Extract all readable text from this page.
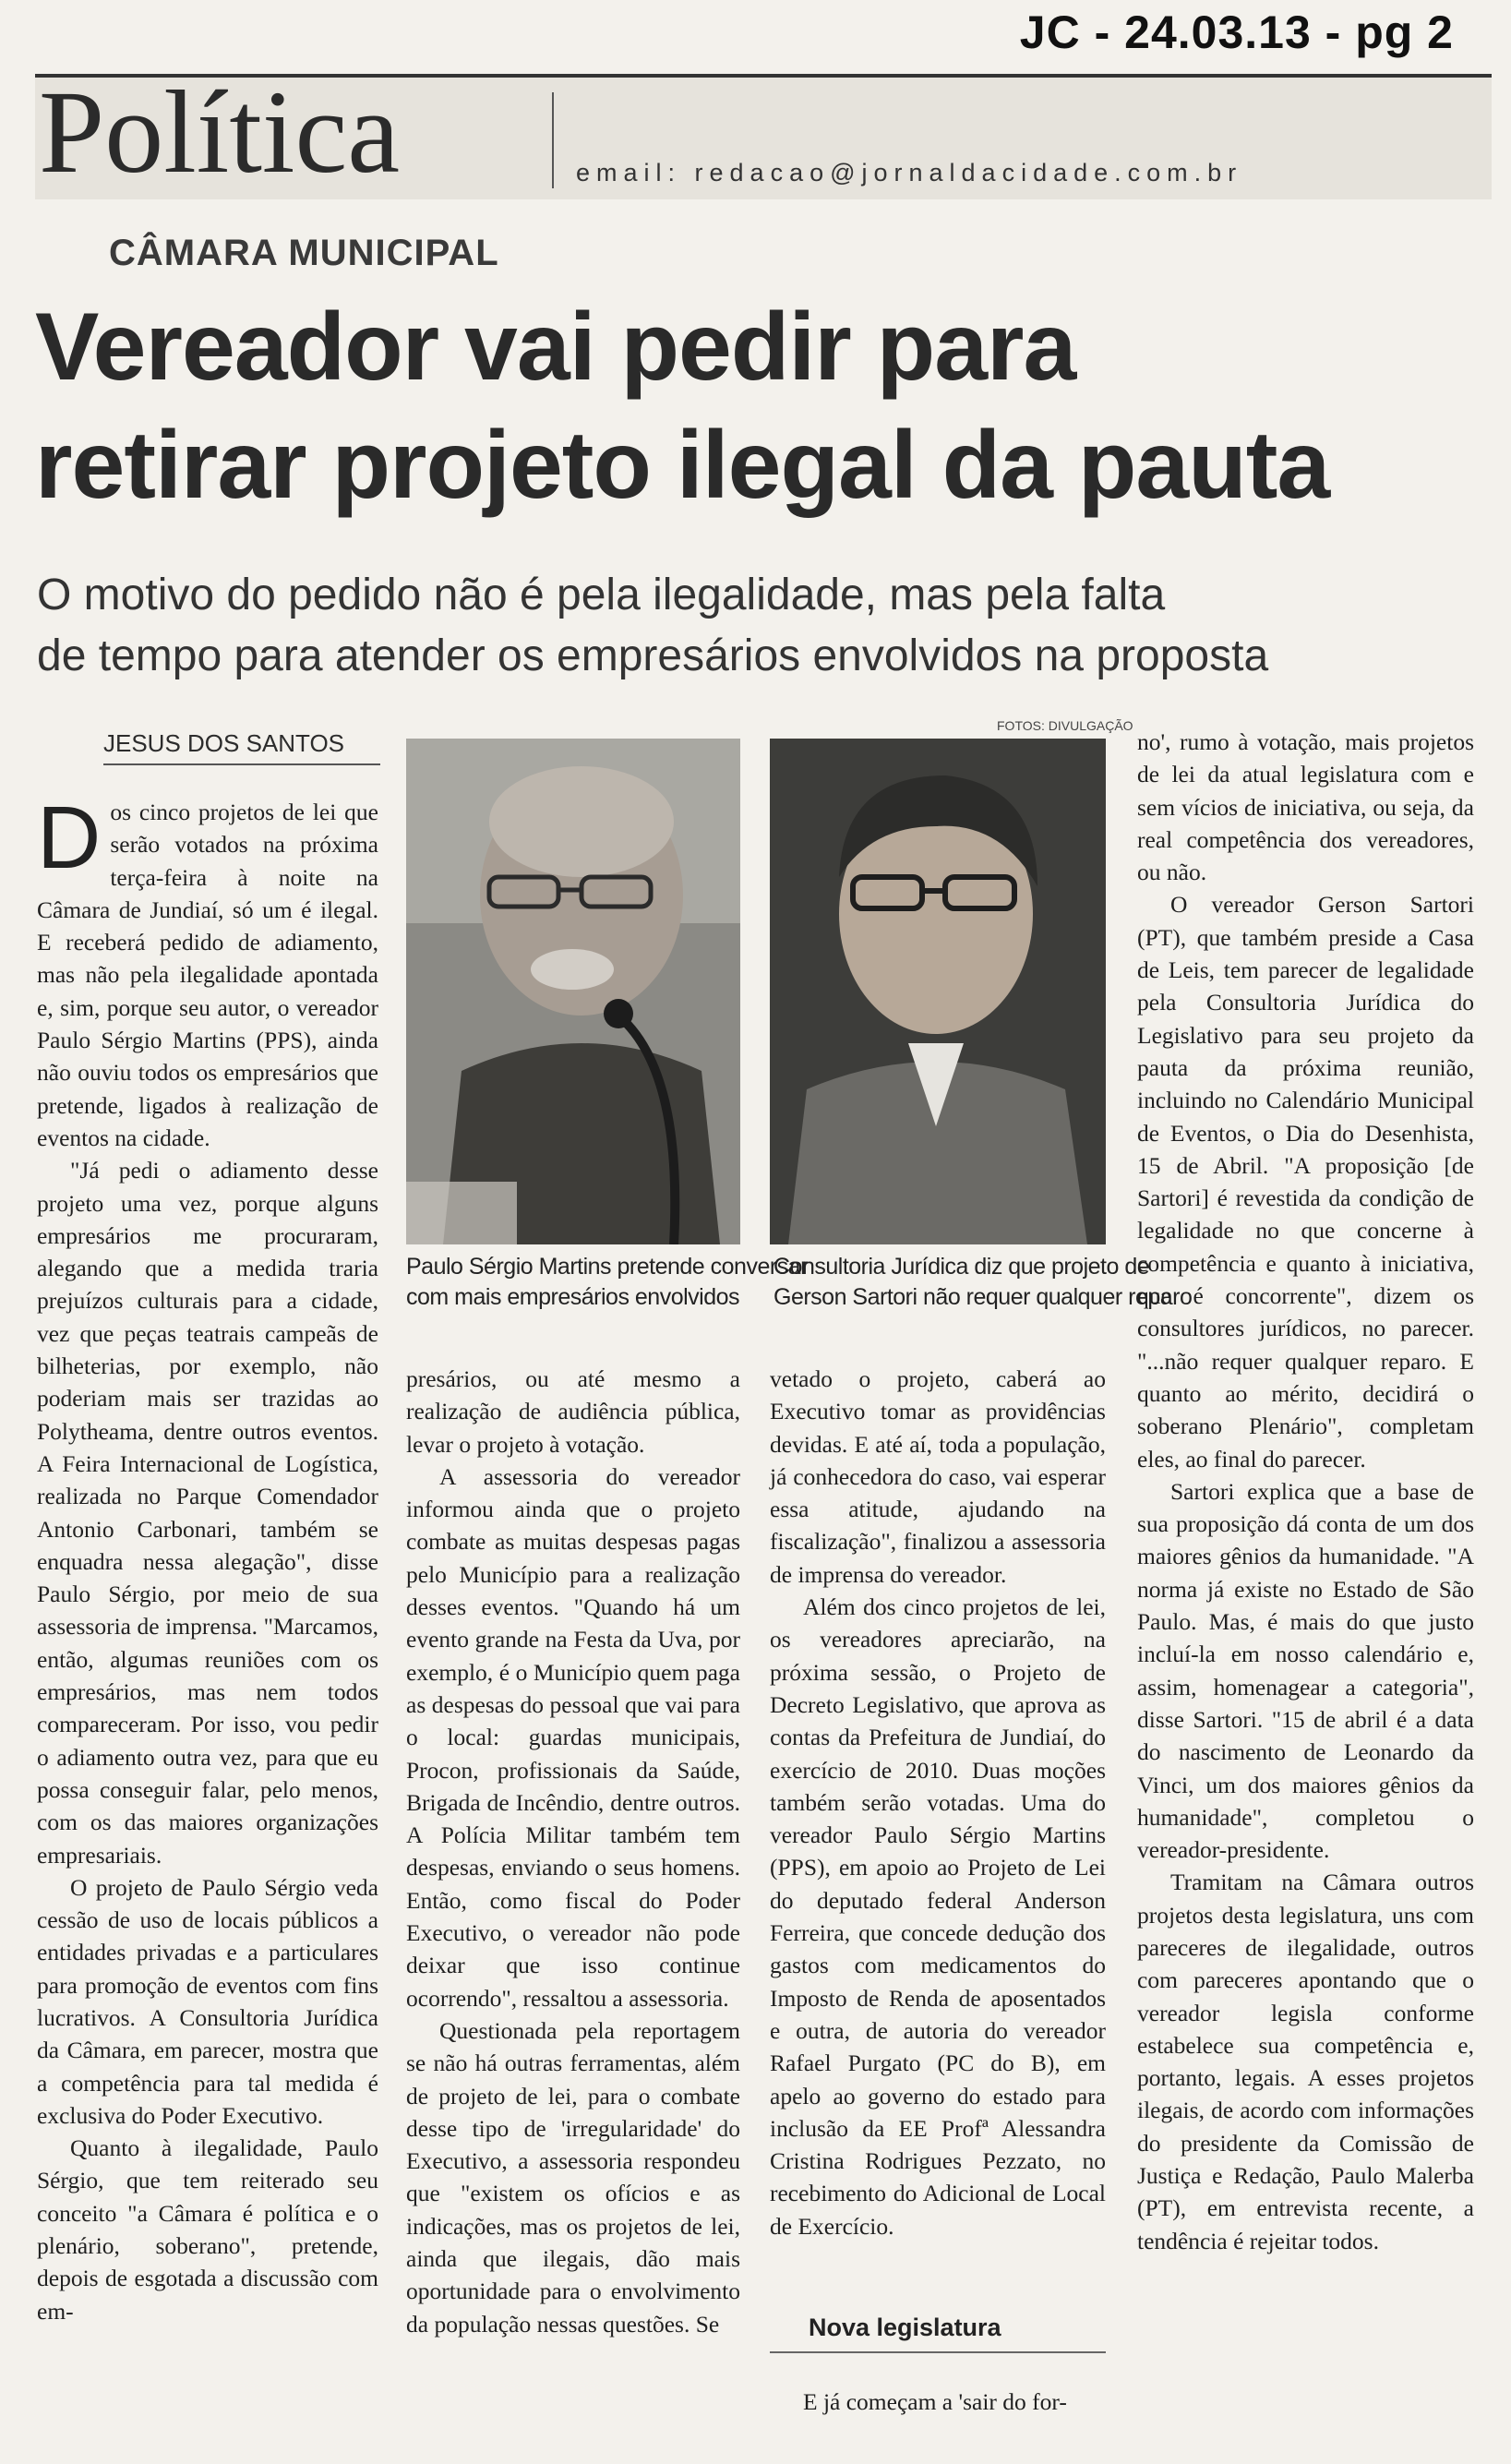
JC - 24.03.13 - pg 2
Política	email: redacao@jornaldacidade.com.br
CÂMARA MUNICIPAL
Vereador vai pedir para
retirar projeto ilegal da pauta
O motivo do pedido não é pela ilegalidade, mas pela falta
de tempo para atender os empresários envolvidos na proposta
JESUS DOS SANTOS
FOTOS: DIVULGAÇÃO
Paulo Sérgio Martins pretende conversar
com mais empresários envolvidos
Consultoria Jurídica diz que projeto de
Gerson Sartori não requer qualquer reparo
D os cinco projetos de lei que serão votados na próxima terça-feira à noite na Câmara de Jundiaí, só um é ilegal. E receberá pedido de adiamento, mas não pela ilegalidade apontada e, sim, porque seu autor, o vereador Paulo Sérgio Martins (PPS), ainda não ouviu todos os empresários que pretende, ligados à realização de eventos na cidade.

"Já pedi o adiamento desse projeto uma vez, porque alguns empresários me procuraram, alegando que a medida traria prejuízos culturais para a cidade, vez que peças teatrais campeãs de bilheterias, por exemplo, não poderiam mais ser trazidas ao Polytheama, dentre outros eventos. A Feira Internacional de Logística, realizada no Parque Comendador Antonio Carbonari, também se enquadra nessa alegação", disse Paulo Sérgio, por meio de sua assessoria de imprensa. "Marcamos, então, algumas reuniões com os empresários, mas nem todos compareceram. Por isso, vou pedir o adiamento outra vez, para que eu possa conseguir falar, pelo menos, com os das maiores organizações empresariais.

O projeto de Paulo Sérgio veda cessão de uso de locais públicos a entidades privadas e a particulares para promoção de eventos com fins lucrativos. A Consultoria Jurídica da Câmara, em parecer, mostra que a competência para tal medida é exclusiva do Poder Executivo.

Quanto à ilegalidade, Paulo Sérgio, que tem reiterado seu conceito "a Câmara é política e o plenário, soberano", pretende, depois de esgotada a discussão com em-

presários, ou até mesmo a realização de audiência pública, levar o projeto à votação.

A assessoria do vereador informou ainda que o projeto combate as muitas despesas pagas pelo Município para a realização desses eventos. "Quando há um evento grande na Festa da Uva, por exemplo, é o Município quem paga as despesas do pessoal que vai para o local: guardas municipais, Procon, profissionais da Saúde, Brigada de Incêndio, dentre outros. A Polícia Militar também tem despesas, enviando o seus homens. Então, como fiscal do Poder Executivo, o vereador não pode deixar que isso continue ocorrendo", ressaltou a assessoria.

Questionada pela reportagem se não há outras ferramentas, além de projeto de lei, para o combate desse tipo de 'irregularidade' do Executivo, a assessoria respondeu que "existem os ofícios e as indicações, mas os projetos de lei, ainda que ilegais, dão mais oportunidade para o envolvimento da população nessas questões. Se

vetado o projeto, caberá ao Executivo tomar as providências devidas. E até aí, toda a população, já conhecedora do caso, vai esperar essa atitude, ajudando na fiscalização", finalizou a assessoria de imprensa do vereador.

Além dos cinco projetos de lei, os vereadores apreciarão, na próxima sessão, o Projeto de Decreto Legislativo, que aprova as contas da Prefeitura de Jundiaí, do exercício de 2010. Duas moções também serão votadas. Uma do vereador Paulo Sérgio Martins (PPS), em apoio ao Projeto de Lei do deputado federal Anderson Ferreira, que concede dedução dos gastos com medicamentos do Imposto de Renda de aposentados e outra, de autoria do vereador Rafael Purgato (PC do B), em apelo ao governo do estado para inclusão da EE Profª Alessandra Cristina Rodrigues Pezzato, no recebimento do Adicional de Local de Exercício.

Nova legislatura

E já começam a 'sair do for-

no', rumo à votação, mais projetos de lei da atual legislatura com e sem vícios de iniciativa, ou seja, da real competência dos vereadores, ou não.

O vereador Gerson Sartori (PT), que também preside a Casa de Leis, tem parecer de legalidade pela Consultoria Jurídica do Legislativo para seu projeto da pauta da próxima reunião, incluindo no Calendário Municipal de Eventos, o Dia do Desenhista, 15 de Abril. "A proposição [de Sartori] é revestida da condição de legalidade no que concerne à competência e quanto à iniciativa, que é concorrente", dizem os consultores jurídicos, no parecer. "...não requer qualquer reparo. E quanto ao mérito, decidirá o soberano Plenário", completam eles, ao final do parecer.

Sartori explica que a base de sua proposição dá conta de um dos maiores gênios da humanidade. "A norma já existe no Estado de São Paulo. Mas, é mais do que justo incluí-la em nosso calendário e, assim, homenagear a categoria", disse Sartori. "15 de abril é a data do nascimento de Leonardo da Vinci, um dos maiores gênios da humanidade", completou o vereador-presidente.

Tramitam na Câmara outros projetos desta legislatura, uns com pareceres de ilegalidade, outros com pareceres apontando que o vereador legisla conforme estabelece sua competência e, portanto, legais. A esses projetos ilegais, de acordo com informações do presidente da Comissão de Justiça e Redação, Paulo Malerba (PT), em entrevista recente, a tendência é rejeitar todos.
